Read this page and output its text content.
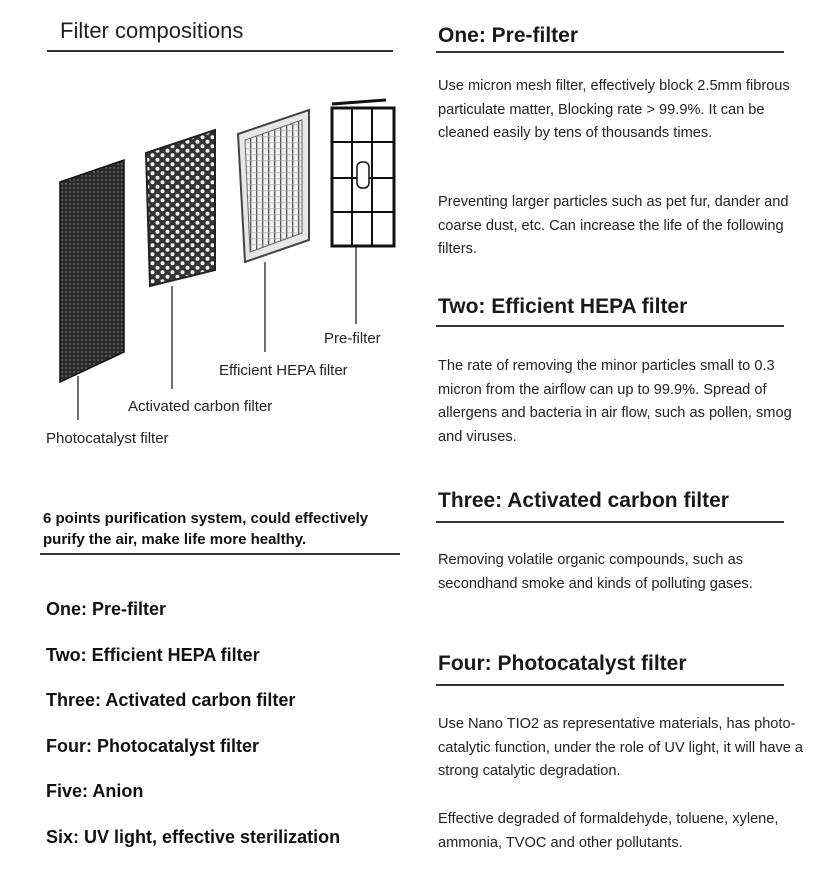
Filter compositions
Pre-filter
Efficient HEPA filter
Activated carbon filter
Photocatalyst filter
6 points purification system, could effectively purify the air, make life more healthy.
One: Pre-filter
Two: Efficient HEPA filter
Three: Activated carbon filter
Four: Photocatalyst filter
Five: Anion
Six: UV light, effective sterilization
One: Pre-filter

Use micron mesh filter, effectively block 2.5mm fibrous particulate matter, Blocking rate > 99.9%. It can be cleaned easily by tens of thousands times.

Preventing larger particles such as pet fur, dander and coarse dust, etc. Can increase the life of the following filters.

Two: Efficient HEPA filter

The rate of removing the minor particles small to 0.3 micron from the airflow can up to 99.9%. Spread of allergens and bacteria in air flow, such as pollen, smog and viruses.

Three: Activated carbon filter

Removing volatile organic compounds, such as secondhand smoke and kinds of polluting gases.

Four: Photocatalyst filter

Use Nano TIO2 as representative materials, has photo-catalytic function, under the role of UV light, it will have a strong catalytic degradation.

Effective degraded of formaldehyde, toluene, xylene, ammonia, TVOC and other pollutants.
